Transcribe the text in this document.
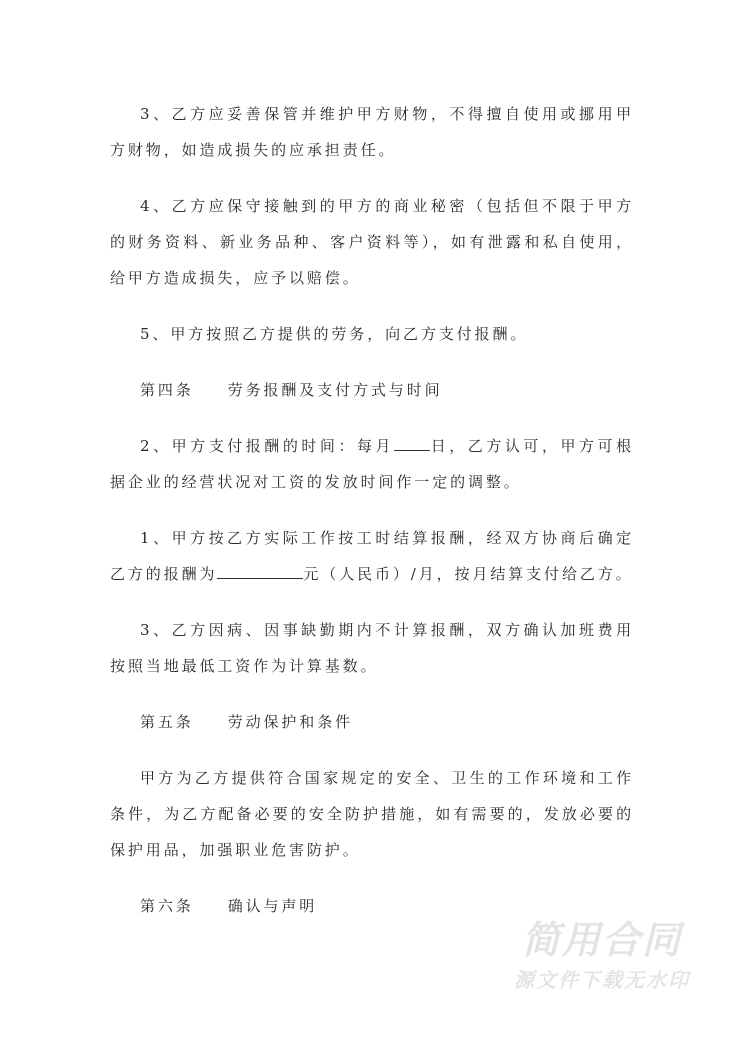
3、乙方应妥善保管并维护甲方财物，不得擅自使用或挪用甲方财物，如造成损失的应承担责任。

4、乙方应保守接触到的甲方的商业秘密（包括但不限于甲方的财务资料、新业务品种、客户资料等），如有泄露和私自使用，给甲方造成损失，应予以赔偿。

5、甲方按照乙方提供的劳务，向乙方支付报酬。

第四条 劳务报酬及支付方式与时间

2、甲方支付报酬的时间：每月 日，乙方认可，甲方可根据企业的经营状况对工资的发放时间作一定的调整。

1、甲方按乙方实际工作按工时结算报酬，经双方协商后确定乙方的报酬为	元（人民币）/月，按月结算支付给乙方。

3、乙方因病、因事缺勤期内不计算报酬，双方确认加班费用按照当地最低工资作为计算基数。

第五条 劳动保护和条件

甲方为乙方提供符合国家规定的安全、卫生的工作环境和工作条件，为乙方配备必要的安全防护措施，如有需要的，发放必要的保护用品，加强职业危害防护。

第六条 确认与声明

简用合同
源文件下载无水印
